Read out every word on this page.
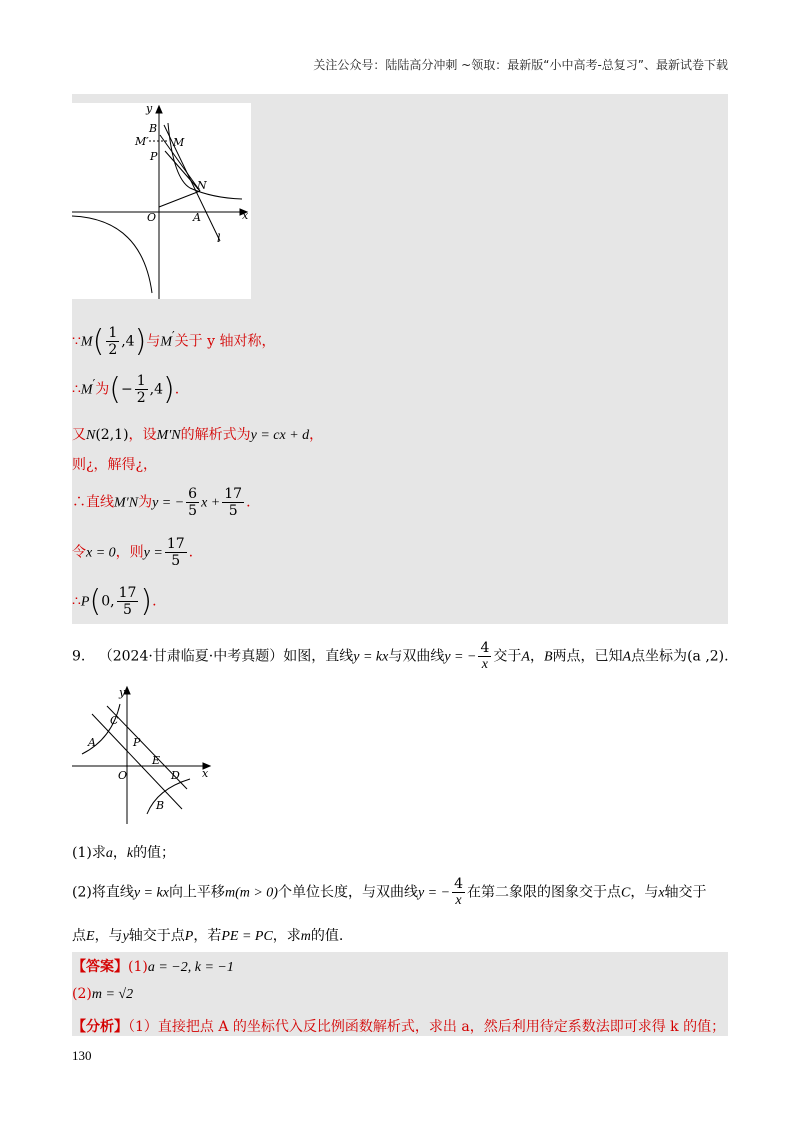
关注公众号：陆陆高分冲刺 ~领取：最新版“小中高考-总复习”、最新试卷下载
y
x
B
M′ M
P
N
O	A
l
∵M( $\frac{1}{2} ,4$)与M′关于 y 轴对称，
∴M′为(− $\frac{1}{2} ,4$).
又N(2,1)，设M′N的解析式为y = cx + d，
则¿，解得¿，
∴直线M′N为y = − $\frac{6}{5}$ $x + \frac{17}{5}$ .
令x = 0，则$y = \frac{17}{5}$ .
∴P(0, $\frac{17}{5}$ ).
9. （2024·甘肃临夏·中考真题）如图，直线y = kx与双曲线y = − $\frac{4}{x}$ 交于A，B两点，已知A点坐标为(a ,2).
y
x
C
A	P
E
O	D
B
(1)求a，k的值；
(2)将直线y = kx向上平移m(m > 0)个单位长度，与双曲线y = − $\frac{4}{x}$ 在第二象限的图象交于点C，与x轴交于
点E，与y轴交于点P，若PE = PC，求m的值.
【答案】(1)a = −2, k = −1
(2)m = √2
【分析】（1）直接把点 A 的坐标代入反比例函数解析式，求出 a，然后利用待定系数法即可求得 k 的值；
130
